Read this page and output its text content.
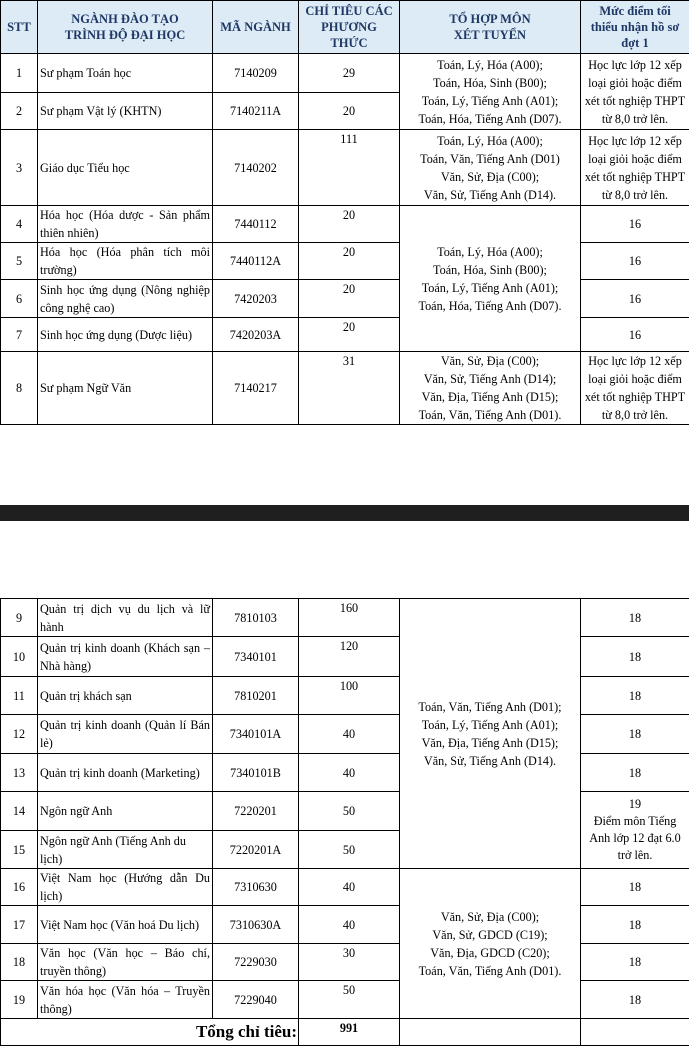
STT	NGÀNH ĐÀO TẠO
TRÌNH ĐỘ ĐẠI HỌC	MÃ NGÀNH	CHỈ TIÊU CÁC
PHƯƠNG
THỨC	TỔ HỢP MÔN
XÉT TUYỂN	Mức điểm tối
thiểu nhận hồ sơ
đợt 1
1	Sư phạm Toán học	7140209	29	Toán, Lý, Hóa (A00);
Toán, Hóa, Sinh (B00);
Toán, Lý, Tiếng Anh (A01);
Toán, Hóa, Tiếng Anh (D07).	Học lực lớp 12 xếp
loại giỏi hoặc điểm
xét tốt nghiệp THPT
từ 8,0 trở lên.
2	Sư phạm Vật lý (KHTN)	7140211A	20		
3	Giáo dục Tiểu học	7140202	111	Toán, Lý, Hóa (A00);
Toán, Văn, Tiếng Anh (D01)
Văn, Sử, Địa (C00);
Văn, Sử, Tiếng Anh (D14).	Học lực lớp 12 xếp
loại giỏi hoặc điểm
xét tốt nghiệp THPT
từ 8,0 trở lên.
4	Hóa học (Hóa dược - Sản phẩm thiên nhiên)	7440112	20	Toán, Lý, Hóa (A00);
Toán, Hóa, Sinh (B00);
Toán, Lý, Tiếng Anh (A01);
Toán, Hóa, Tiếng Anh (D07).	16
5	Hóa học (Hóa phân tích môi trường)	7440112A	20		16
6	Sinh học ứng dụng (Nông nghiệp công nghệ cao)	7420203	20		16
7	Sinh học ứng dụng (Dược liệu)	7420203A	20		16
8	Sư phạm Ngữ Văn	7140217	31	Văn, Sử, Địa (C00);
Văn, Sử, Tiếng Anh (D14);
Văn, Địa, Tiếng Anh (D15);
Toán, Văn, Tiếng Anh (D01).	Học lực lớp 12 xếp
loại giỏi hoặc điểm
xét tốt nghiệp THPT
từ 8,0 trở lên.
9	Quản trị dịch vụ du lịch và lữ hành	7810103	160	Toán, Văn, Tiếng Anh (D01);
Toán, Lý, Tiếng Anh (A01);
Văn, Địa, Tiếng Anh (D15);
Văn, Sử, Tiếng Anh (D14).	18
10	Quản trị kinh doanh (Khách sạn – Nhà hàng)	7340101	120		18
11	Quản trị khách sạn	7810201	100		18
12	Quản trị kinh doanh (Quản lí Bán lẻ)	7340101A	40		18
13	Quản trị kinh doanh (Marketing)	7340101B	40		18
14	Ngôn ngữ Anh	7220201	50		19
Điểm môn Tiếng
Anh lớp 12 đạt 6.0
trở lên.
15	Ngôn ngữ Anh (Tiếng Anh du lịch)	7220201A	50		
16	Việt Nam học (Hướng dẫn Du lịch)	7310630	40	Văn, Sử, Địa (C00);
Văn, Sử, GDCD (C19);
Văn, Địa, GDCD (C20);
Toán, Văn, Tiếng Anh (D01).	18
17	Việt Nam học (Văn hoá Du lịch)	7310630A	40		18
18	Văn học (Văn học – Báo chí, truyền thông)	7229030	30		18
19	Văn hóa học (Văn hóa – Truyền thông)	7229040	50		18
Tổng chỉ tiêu:			991		
